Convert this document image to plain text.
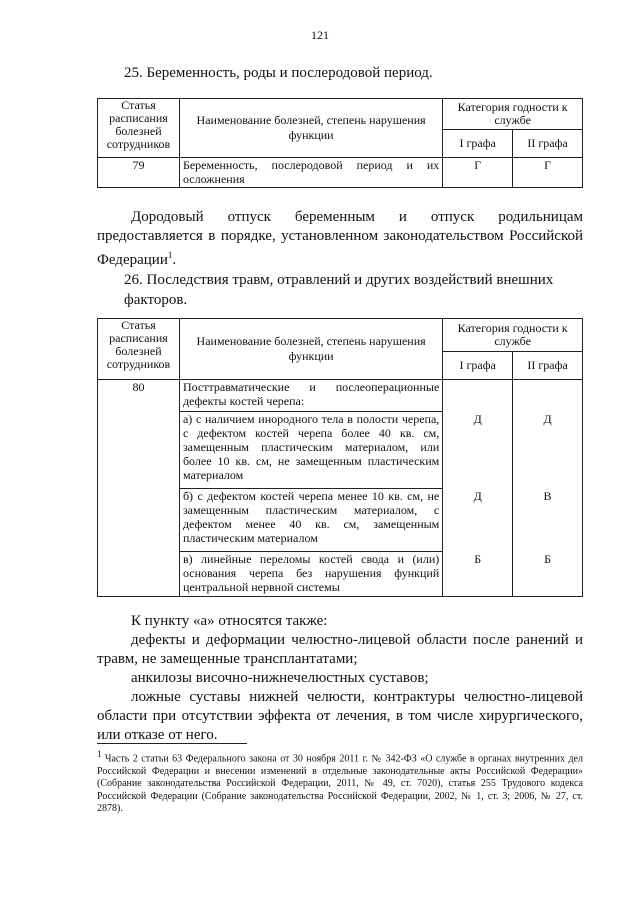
121
25. Беременность, роды и послеродовой период.
Статья расписания болезней сотрудников	Наименование болезней, степень нарушения функции	Категория годности к службе	
		I графа	II графа
79	Беременность, послеродовой период и их осложнения	Г	Г
Дородовый отпуск беременным и отпуск родильницам предоставляется в порядке, установленном законодательством Российской Федерации$^1$.
26. Последствия травм, отравлений и других воздействий внешних факторов.
Статья расписания болезней сотрудников	Наименование болезней, степень нарушения функции	Категория годности к службе	
		I графа	II графа
80	Посттравматические и послеоперационные дефекты костей черепа:		
	а) с наличием инородного тела в полости черепа, с дефектом костей черепа более 40 кв. см, замещенным пластическим материалом, или более 10 кв. см, не замещенным пластическим материалом	Д	Д
	б) с дефектом костей черепа менее 10 кв. см, не замещенным пластическим материалом, с дефектом менее 40 кв. см, замещенным пластическим материалом	Д	В
	в) линейные переломы костей свода и (или) основания черепа без нарушения функций центральной нервной системы	Б	Б
К пункту «а» относятся также:
дефекты и деформации челюстно-лицевой области после ранений и травм, не замещенные трансплантатами;
анкилозы височно-нижнечелюстных суставов;
ложные суставы нижней челюсти, контрактуры челюстно-лицевой области при отсутствии эффекта от лечения, в том числе хирургического, или отказе от него.
$^1$ Часть 2 статьи 63 Федерального закона от 30 ноября 2011 г. № 342-ФЗ «О службе в органах внутренних дел Российской Федерации и внесении изменений в отдельные законодательные акты Российской Федерации» (Собрание законодательства Российской Федерации, 2011, № 49, ст. 7020), статья 255 Трудового кодекса Российской Федерации (Собрание законодательства Российской Федерации, 2002, № 1, ст. 3; 2006, № 27, ст. 2878).
